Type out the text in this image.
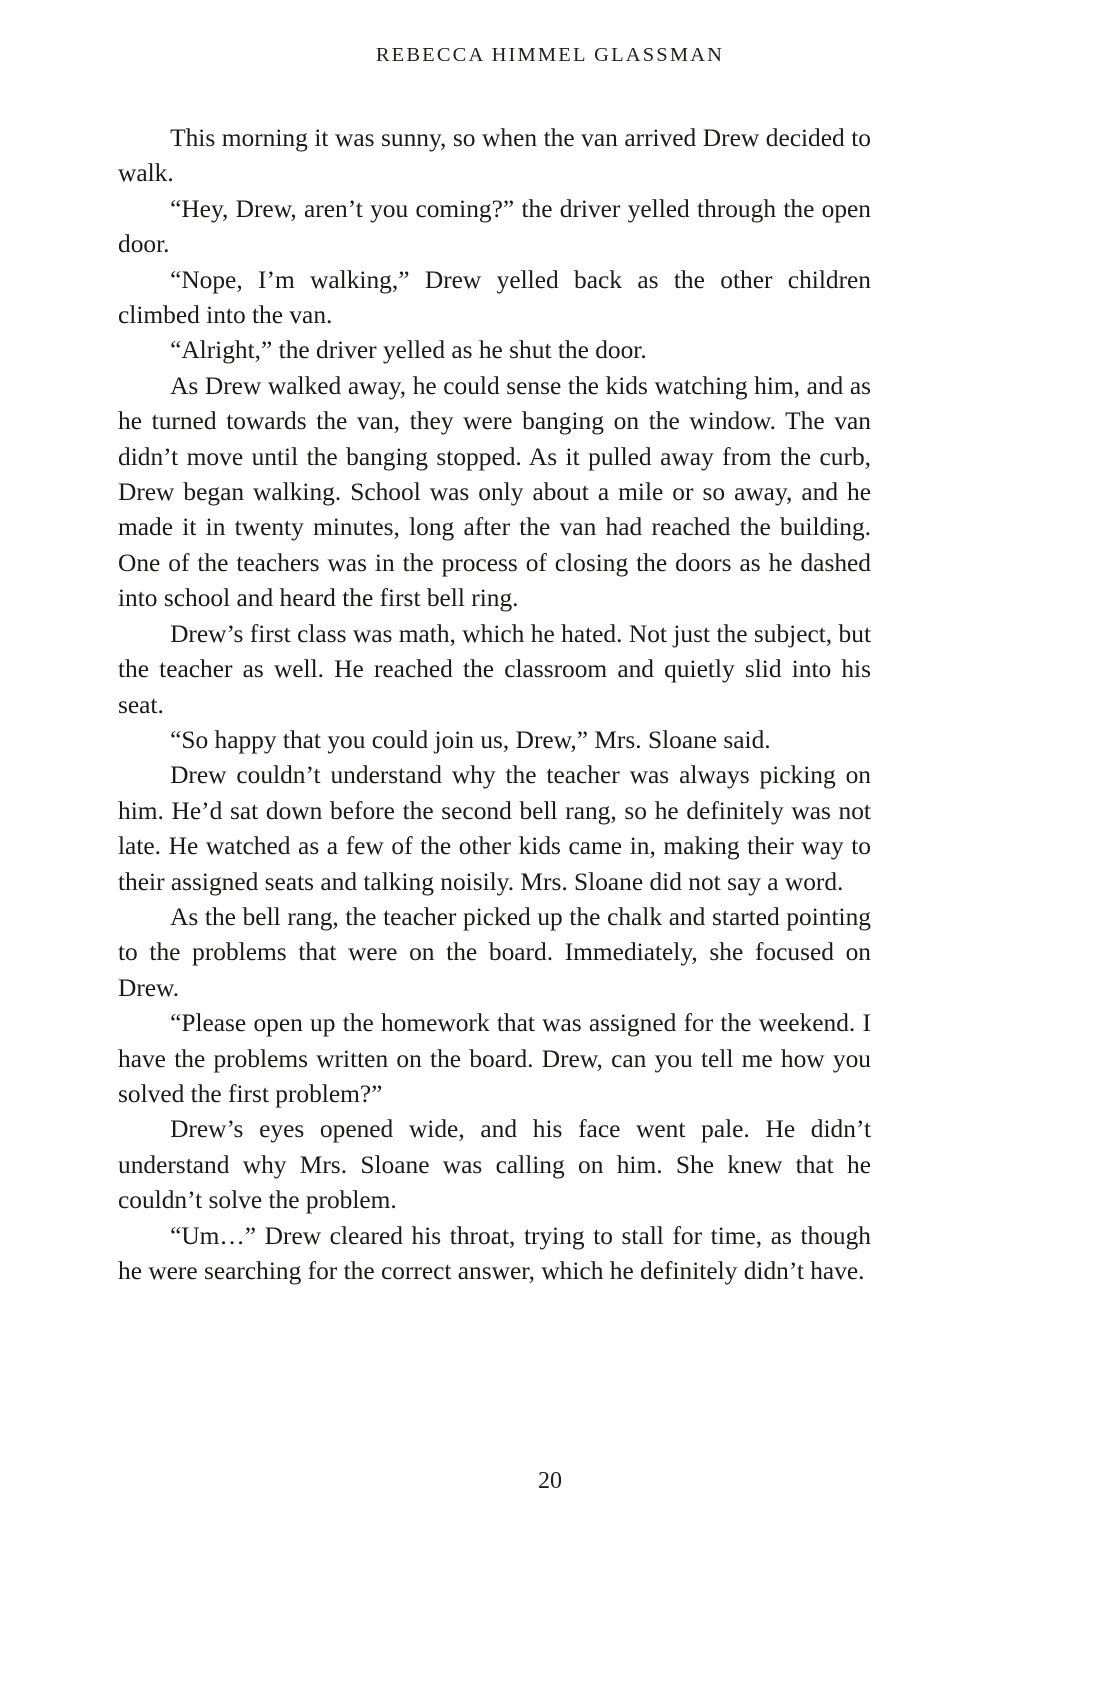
REBECCA HIMMEL GLASSMAN

This morning it was sunny, so when the van arrived Drew decided to walk.

“Hey, Drew, aren’t you coming?” the driver yelled through the open door.

“Nope, I’m walking,” Drew yelled back as the other children climbed into the van.

“Alright,” the driver yelled as he shut the door.

As Drew walked away, he could sense the kids watching him, and as he turned towards the van, they were banging on the window. The van didn’t move until the banging stopped. As it pulled away from the curb, Drew began walking. School was only about a mile or so away, and he made it in twenty minutes, long after the van had reached the building. One of the teachers was in the process of closing the doors as he dashed into school and heard the first bell ring.

Drew’s first class was math, which he hated. Not just the subject, but the teacher as well. He reached the classroom and quietly slid into his seat.

“So happy that you could join us, Drew,” Mrs. Sloane said.

Drew couldn’t understand why the teacher was always picking on him. He’d sat down before the second bell rang, so he definitely was not late. He watched as a few of the other kids came in, making their way to their assigned seats and talking noisily. Mrs. Sloane did not say a word.

As the bell rang, the teacher picked up the chalk and started pointing to the problems that were on the board. Immediately, she focused on Drew.

“Please open up the homework that was assigned for the weekend. I have the problems written on the board. Drew, can you tell me how you solved the first problem?”

Drew’s eyes opened wide, and his face went pale. He didn’t understand why Mrs. Sloane was calling on him. She knew that he couldn’t solve the problem.

“Um…” Drew cleared his throat, trying to stall for time, as though he were searching for the correct answer, which he definitely didn’t have.

20
